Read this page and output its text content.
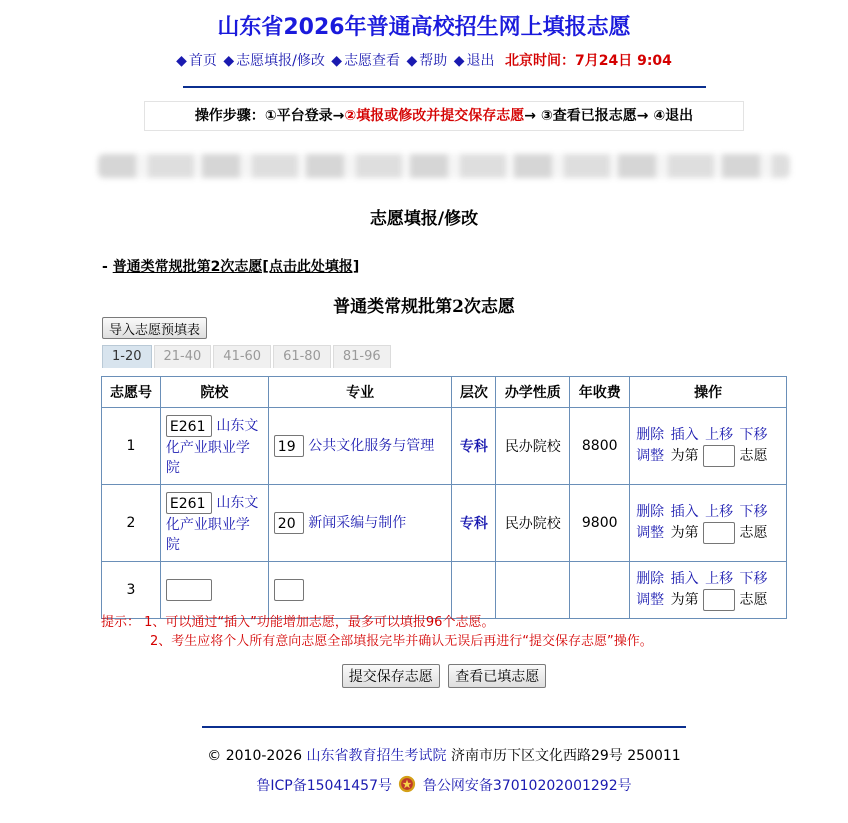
山东省2026年普通高校招生网上填报志愿
◆ 首页 ◆ 志愿填报/修改 ◆ 志愿查看 ◆ 帮助 ◆ 退出 北京时间：7月24日 9:04
操作步骤：①平台登录→②填报或修改并提交保存志愿→ ③查看已报志愿→ ④退出
志愿填报/修改
- 普通类常规批第2次志愿[点击此处填报]
普通类常规批第2次志愿
导入志愿预填表
1-20	21-40	41-60	61-80	81-96
志愿号	院校	专业	层次	办学性质	年收费	操作
1	E261 山东文化产业职业学院	19 公共文化服务与管理	专科	民办院校	8800	删除 插入 上移 下移
调整 为第 志愿
2	E261 山东文化产业职业学院	20 新闻采编与制作	专科	民办院校	9800	删除 插入 上移 下移
调整 为第 志愿
3						删除 插入 上移 下移
调整 为第 志愿
提示： 1、可以通过“插入”功能增加志愿，最多可以填报96个志愿。
2、考生应将个人所有意向志愿全部填报完毕并确认无误后再进行“提交保存志愿”操作。
提交保存志愿 查看已填志愿
© 2010-2026 山东省教育招生考试院 济南市历下区文化西路29号 250011
鲁ICP备15041457号 鲁公网安备37010202001292号
